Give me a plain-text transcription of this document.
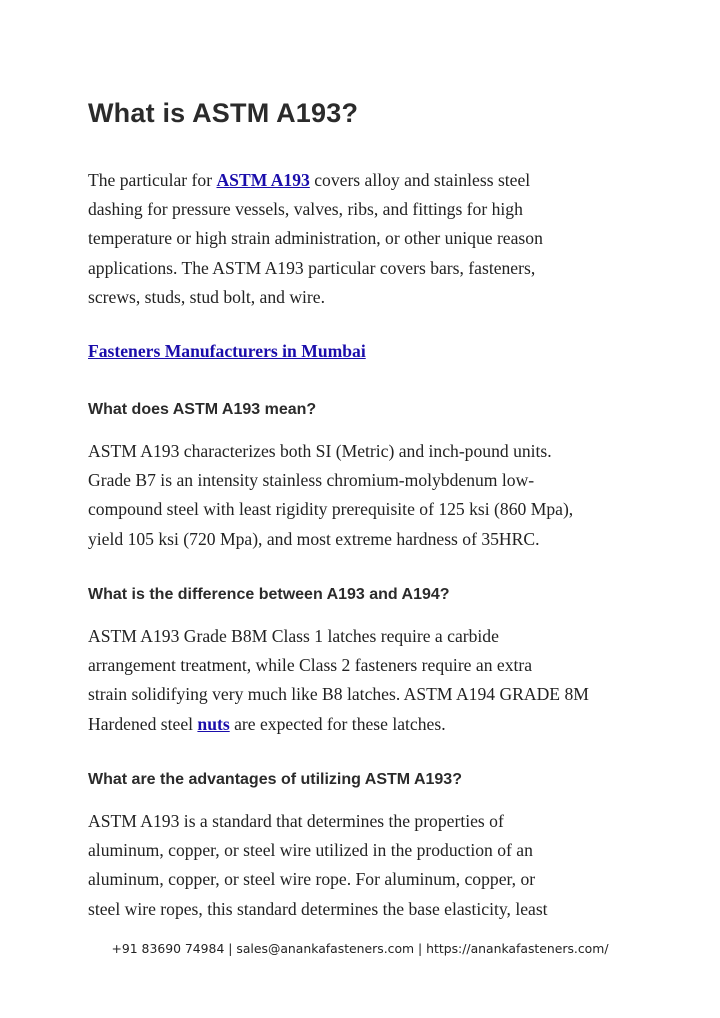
What is ASTM A193?

The particular for ASTM A193 covers alloy and stainless steel
dashing for pressure vessels, valves, ribs, and fittings for high
temperature or high strain administration, or other unique reason
applications. The ASTM A193 particular covers bars, fasteners,
screws, studs, stud bolt, and wire.

Fasteners Manufacturers in Mumbai
What does ASTM A193 mean?

ASTM A193 characterizes both SI (Metric) and inch-pound units.
Grade B7 is an intensity stainless chromium-molybdenum low-
compound steel with least rigidity prerequisite of 125 ksi (860 Mpa),
yield 105 ksi (720 Mpa), and most extreme hardness of 35HRC.

What is the difference between A193 and A194?

ASTM A193 Grade B8M Class 1 latches require a carbide
arrangement treatment, while Class 2 fasteners require an extra
strain solidifying very much like B8 latches. ASTM A194 GRADE 8M
Hardened steel nuts are expected for these latches.

What are the advantages of utilizing ASTM A193?

ASTM A193 is a standard that determines the properties of
aluminum, copper, or steel wire utilized in the production of an
aluminum, copper, or steel wire rope. For aluminum, copper, or
steel wire ropes, this standard determines the base elasticity, least

+91 83690 74984 | sales@anankafasteners.com | https://anankafasteners.com/
